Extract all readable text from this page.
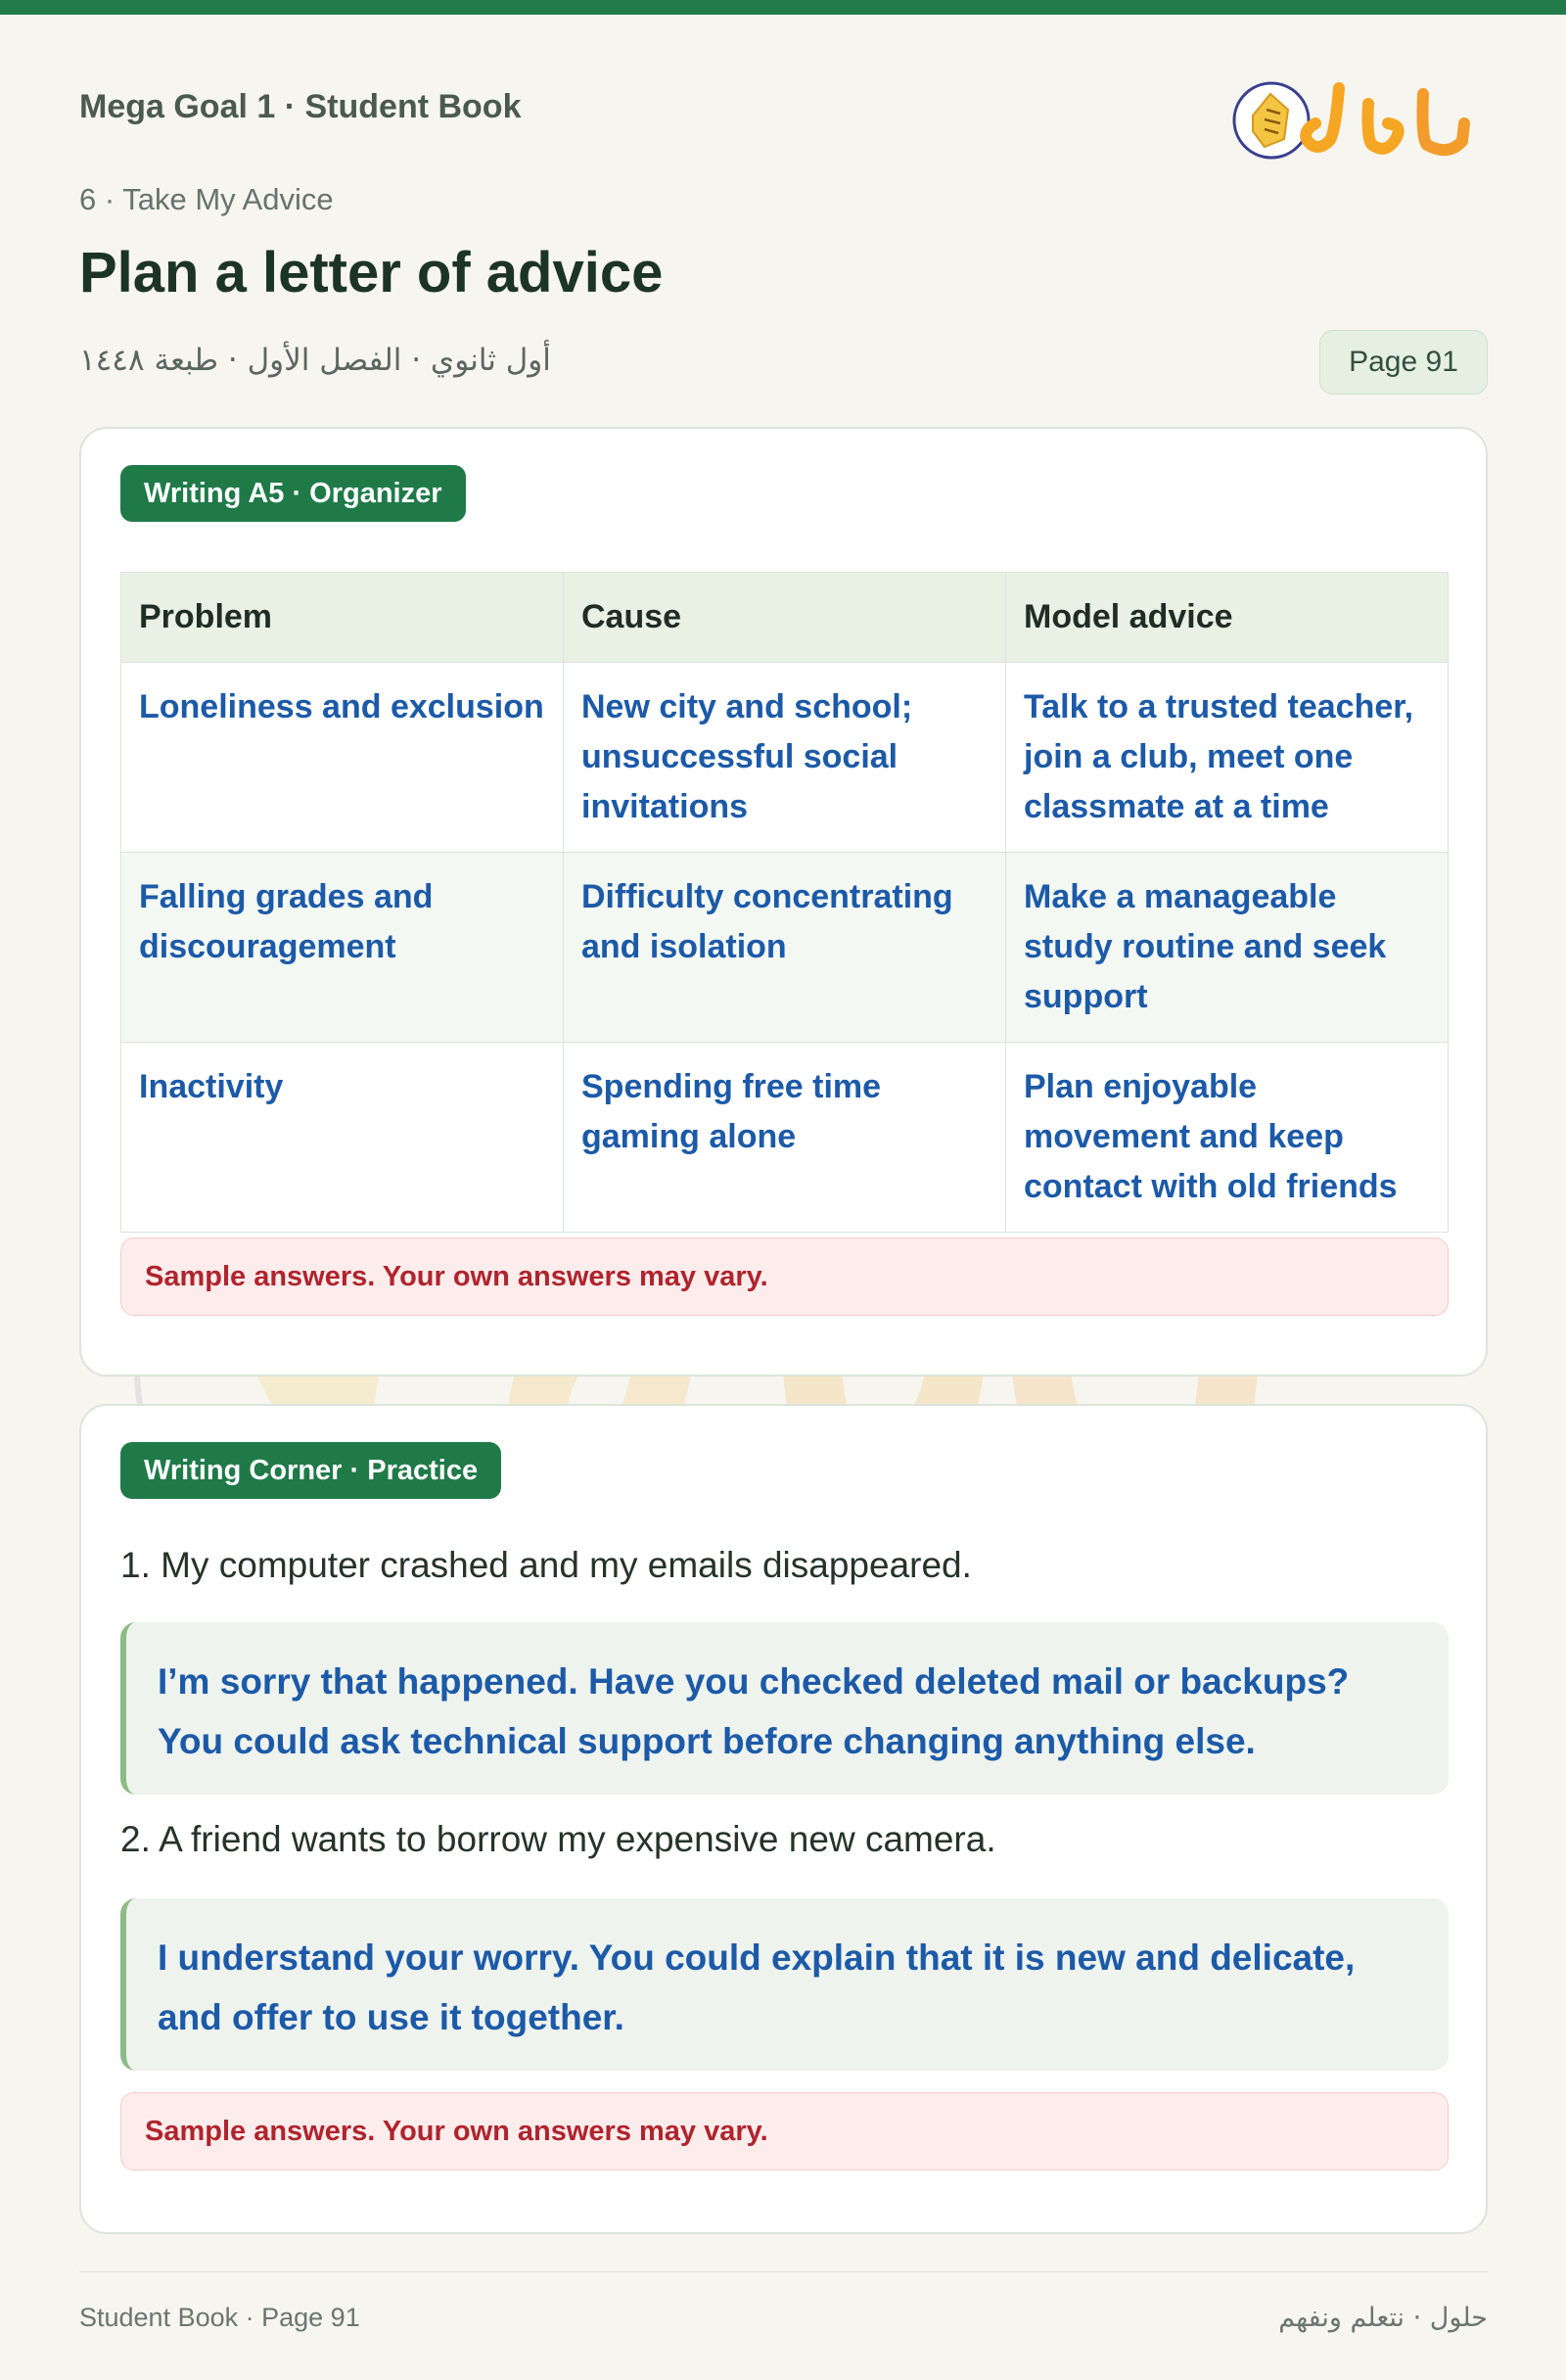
Mega Goal 1 · Student Book
6 · Take My Advice
Plan a letter of advice
أول ثانوي · الفصل الأول · طبعة ١٤٤٨	Page 91
Writing A5 · Organizer
Problem	Cause	Model advice
Loneliness and exclusion	New city and school; unsuccessful social invitations	Talk to a trusted teacher, join a club, meet one classmate at a time
Falling grades and discouragement	Difficulty concentrating and isolation	Make a manageable study routine and seek support
Inactivity	Spending free time gaming alone	Plan enjoyable movement and keep contact with old friends
Sample answers. Your own answers may vary.
Writing Corner · Practice
1. My computer crashed and my emails disappeared.
I’m sorry that happened. Have you checked deleted mail or backups? You could ask technical support before changing anything else.
2. A friend wants to borrow my expensive new camera.
I understand your worry. You could explain that it is new and delicate, and offer to use it together.
Sample answers. Your own answers may vary.
Student Book · Page 91	حلول · نتعلم ونفهم
